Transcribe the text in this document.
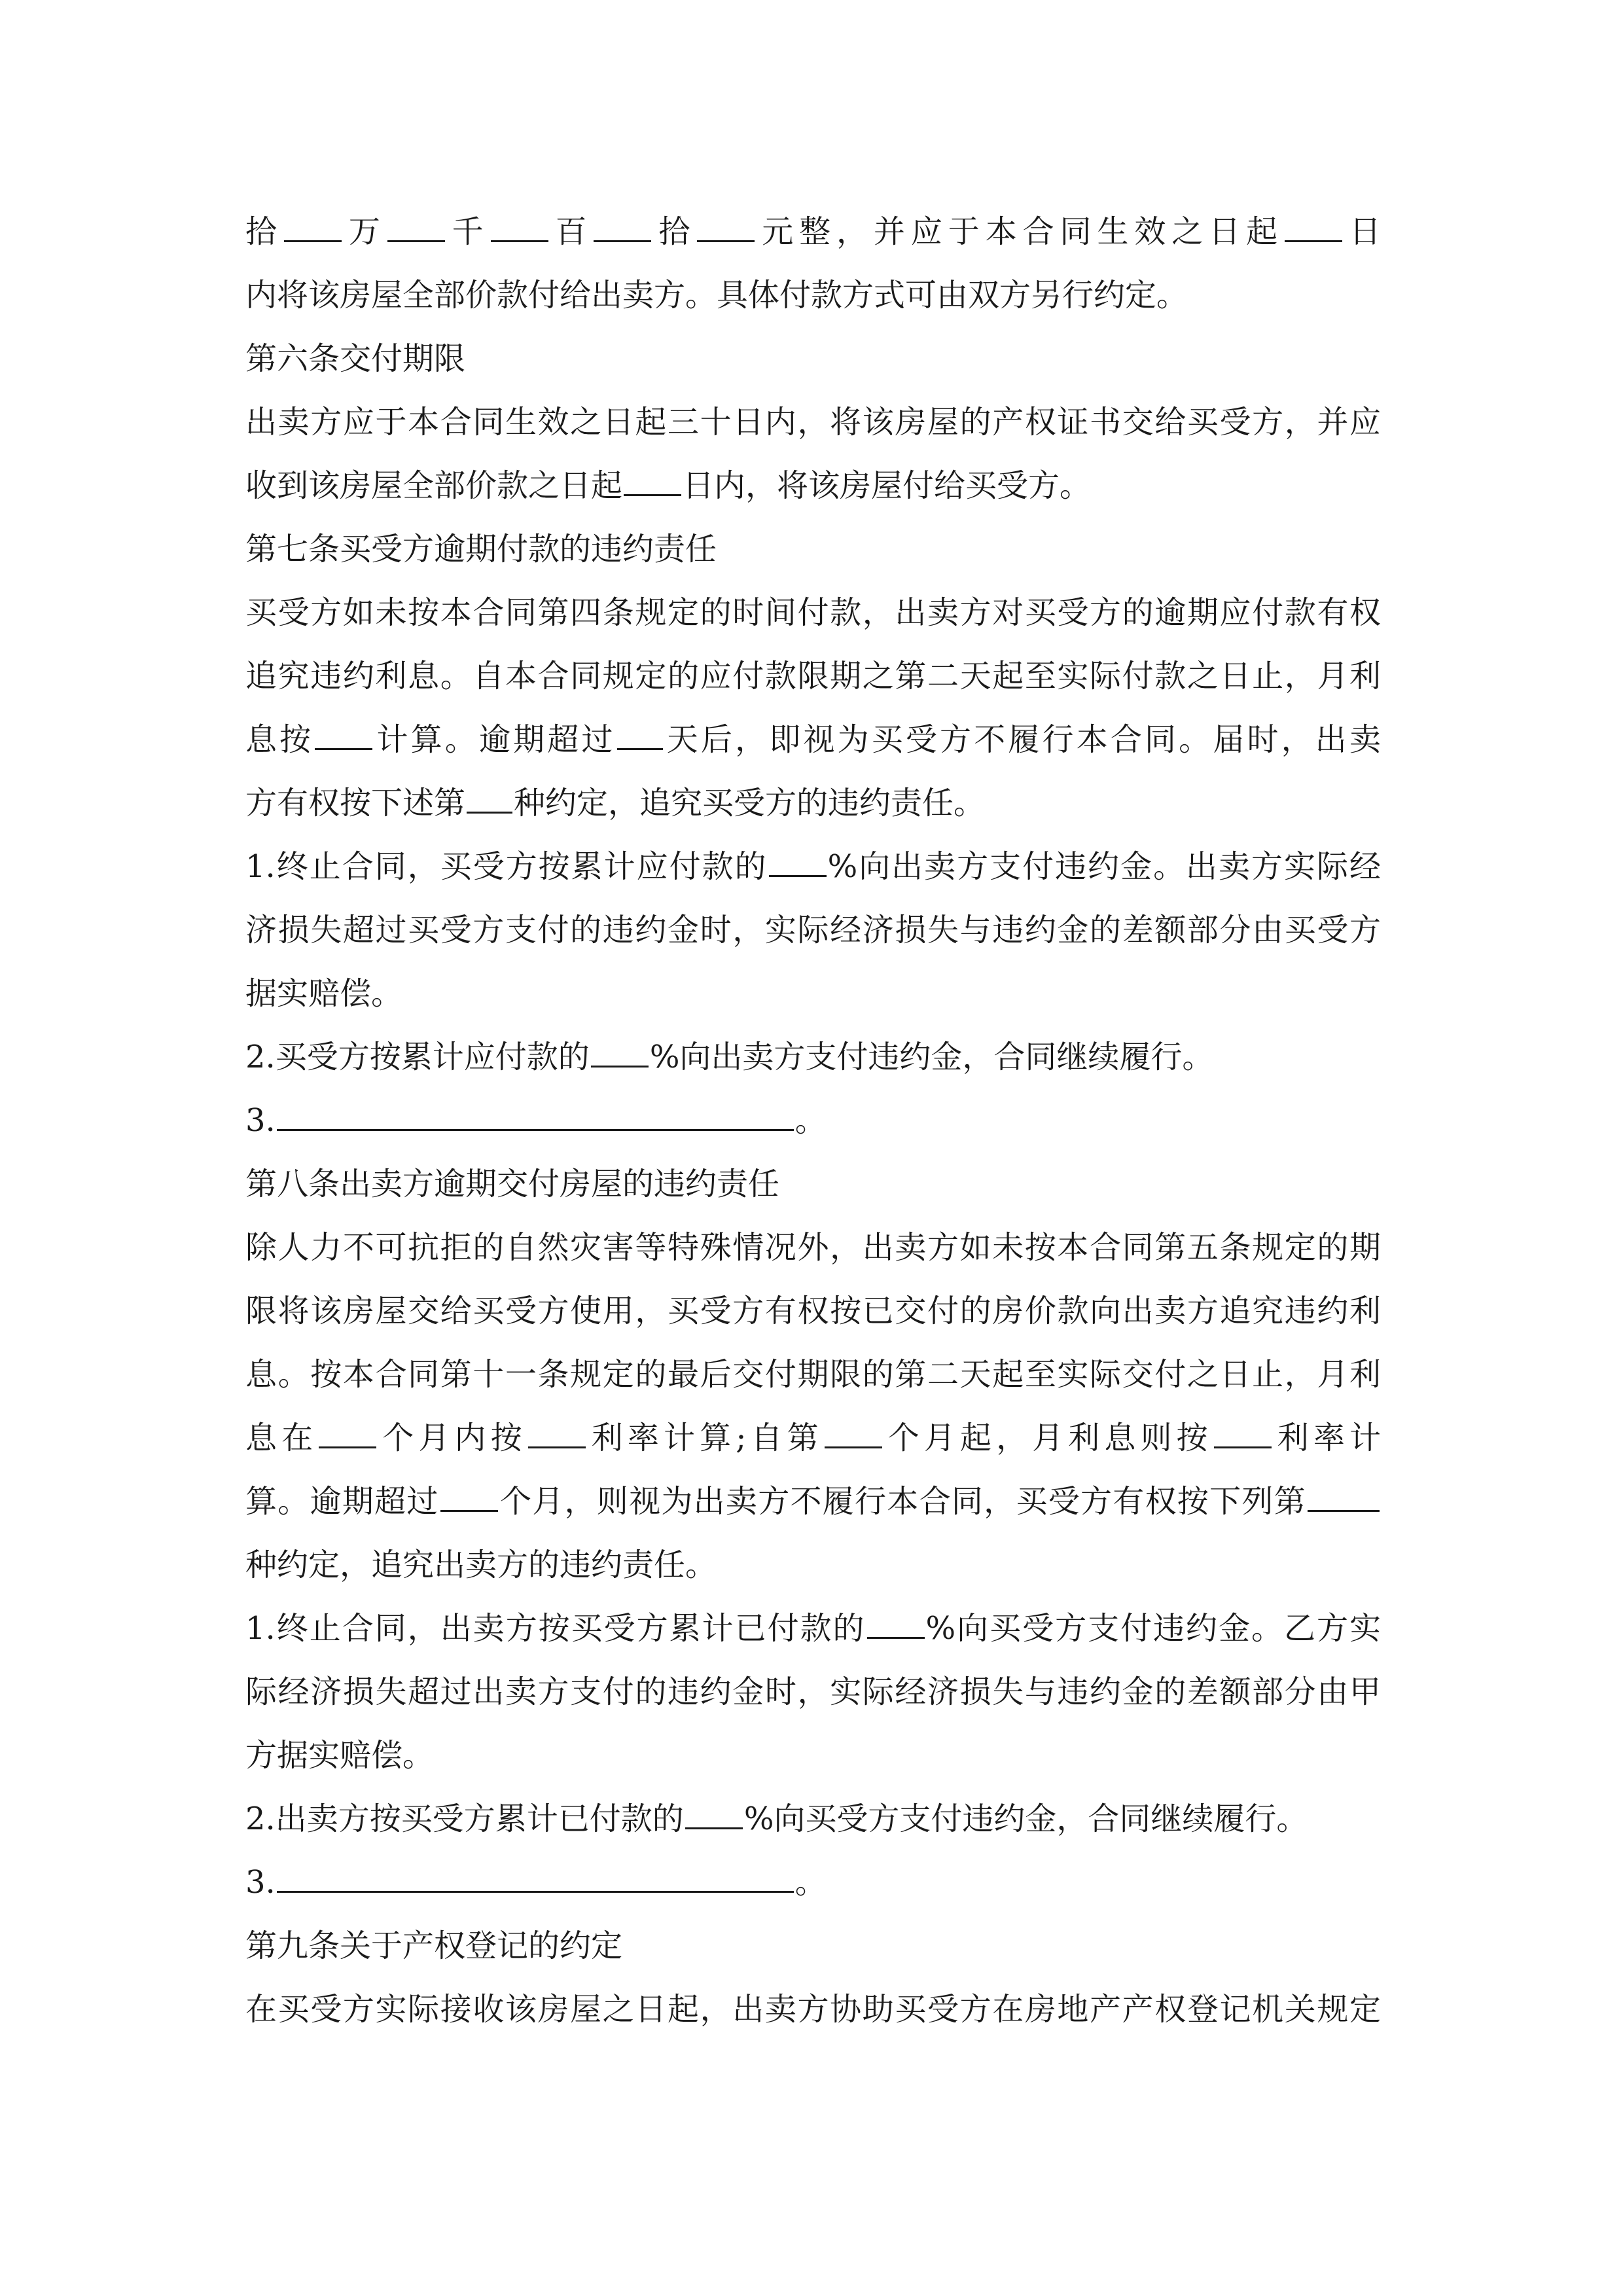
拾 万 千 百 拾 元整，并应于本合同生效之日起 日
内将该房屋全部价款付给出卖方。具体付款方式可由双方另行约定。
第六条交付期限
出卖方应于本合同生效之日起三十日内，将该房屋的产权证书交给买受方，并应
收到该房屋全部价款之日起 日内，将该房屋付给买受方。
第七条买受方逾期付款的违约责任
买受方如未按本合同第四条规定的时间付款，出卖方对买受方的逾期应付款有权
追究违约利息。自本合同规定的应付款限期之第二天起至实际付款之日止，月利
息按 计算。逾期超过 天后，即视为买受方不履行本合同。届时，出卖
方有权按下述第 种约定，追究买受方的违约责任。
1.终止合同，买受方按累计应付款的 %向出卖方支付违约金。出卖方实际经
济损失超过买受方支付的违约金时，实际经济损失与违约金的差额部分由买受方
据实赔偿。
2.买受方按累计应付款的 %向出卖方支付违约金，合同继续履行。
3.	。
第八条出卖方逾期交付房屋的违约责任
除人力不可抗拒的自然灾害等特殊情况外，出卖方如未按本合同第五条规定的期
限将该房屋交给买受方使用，买受方有权按已交付的房价款向出卖方追究违约利
息。按本合同第十一条规定的最后交付期限的第二天起至实际交付之日止，月利
息在 个月内按 利率计算;自第 个月起，月利息则按 利率计
算。逾期超过 个月，则视为出卖方不履行本合同，买受方有权按下列第
种约定，追究出卖方的违约责任。
1.终止合同，出卖方按买受方累计已付款的 %向买受方支付违约金。乙方实
际经济损失超过出卖方支付的违约金时，实际经济损失与违约金的差额部分由甲
方据实赔偿。
2.出卖方按买受方累计已付款的 %向买受方支付违约金，合同继续履行。
3.	。
第九条关于产权登记的约定
在买受方实际接收该房屋之日起，出卖方协助买受方在房地产产权登记机关规定
